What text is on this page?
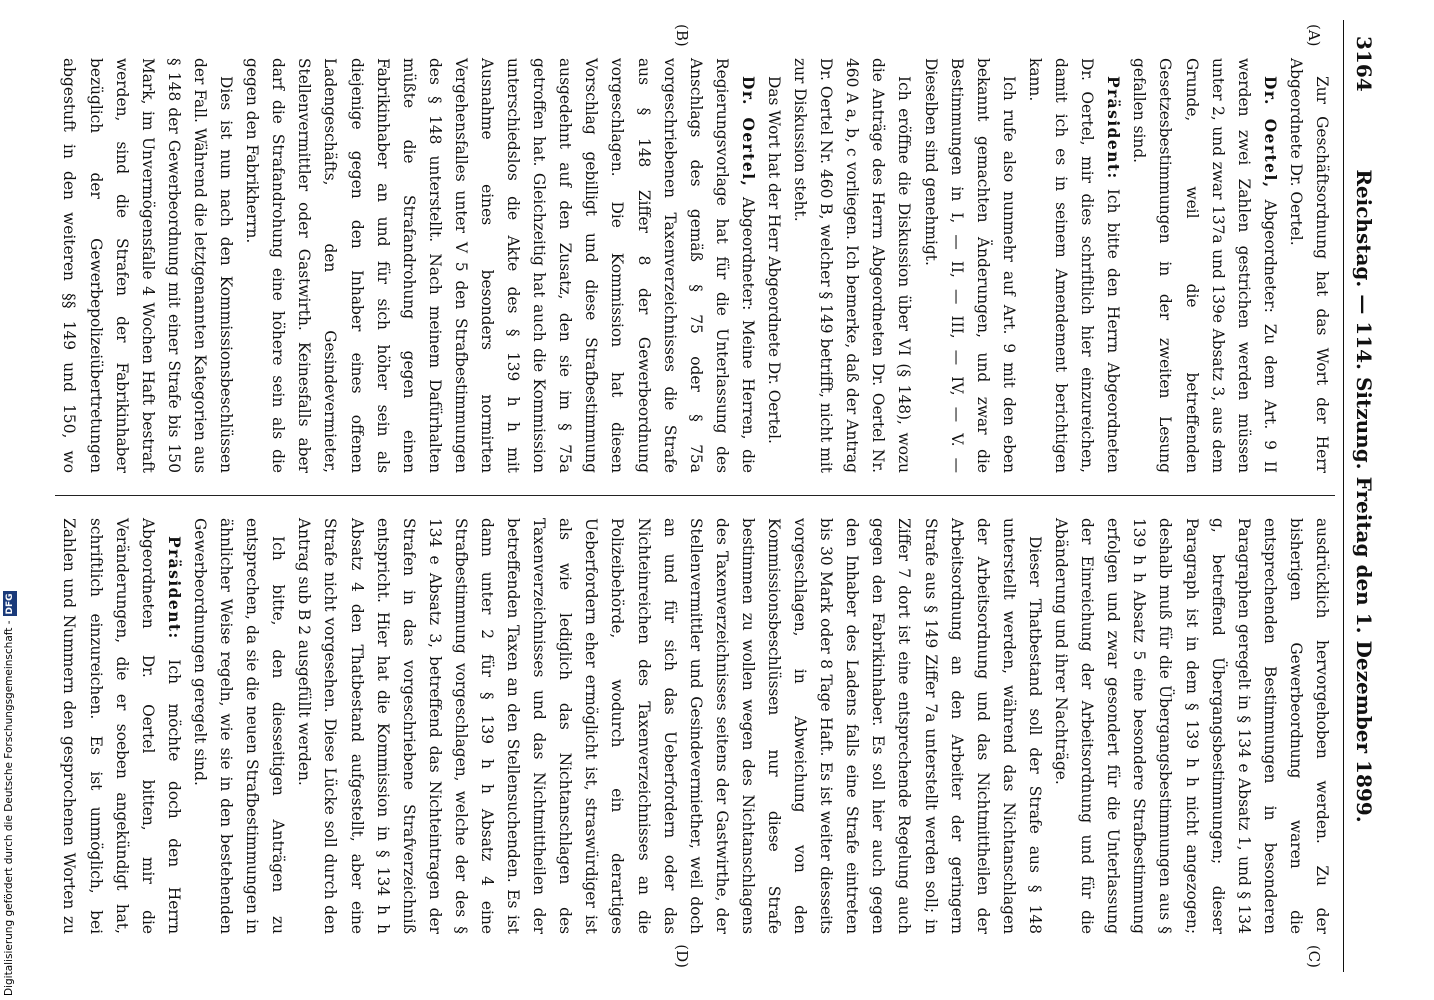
Digitalisierung gefördert durch die Deutsche Forschungsgemeinschaft -DFG
3164
Reichstag. — 114. Sitzung. Freitag den 1. Dezember 1899.
(A)
(B)

Zur Geschäftsordnung hat das Wort der Herr Abgeordnete Dr. Oertel.

Dr. Oertel, Abgeordneter: Zu dem Art. 9 II werden zwei Zahlen gestrichen werden müssen unter 2, und zwar 137a und 139e Absatz 3, aus dem Grunde, weil die betreffenden Gesetzesbestimmungen in der zweiten Lesung gefallen sind.

Präsident: Ich bitte den Herrn Abgeordneten Dr. Oertel, mir dies schriftlich hier einzureichen, damit ich es in seinem Amendement berichtigen kann.

Ich rufe also nunmehr auf Art. 9 mit den eben bekannt gemachten Änderungen, und zwar die Bestimmungen in I, — II, — III, — IV, — V. — Dieselben sind genehmigt.

Ich eröffne die Diskussion über VI (§ 148), wozu die Anträge des Herrn Abgeordneten Dr. Oertel Nr. 460 A a, b, c vorliegen. Ich bemerke, daß der Antrag Dr. Oertel Nr. 460 B, welcher § 149 betrifft, nicht mit zur Diskussion steht.

Das Wort hat der Herr Abgeordnete Dr. Oertel.

Dr. Oertel, Abgeordneter: Meine Herren, die Regierungsvorlage hat für die Unterlassung des Anschlags des gemäß § 75 oder § 75a vorgeschriebenen Taxenverzeichnisses die Strafe aus § 148 Ziffer 8 der Gewerbeordnung vorgeschlagen. Die Kommission hat diesen Vorschlag gebilligt und diese Strafbestimmung ausgedehnt auf den Zusatz, den sie im § 75a getroffen hat. Gleichzeitig hat auch die Kommission unterschiedslos die Akte des § 139 h h mit Ausnahme eines besonders normirten Vergehensfalles unter V 5 den Strafbestimmungen des § 148 unterstellt. Nach meinem Dafürhalten müßte die Strafandrohung gegen einen Fabrikinhaber an und für sich höher sein als diejenige gegen den Inhaber eines offenen Ladengeschäfts, den Gesindevermieter, Stellenvermittler oder Gastwirth. Keinesfalls aber darf die Strafandrohung eine höhere sein als die gegen den Fabrikherrn.

Dies ist nun nach den Kommissionsbeschlüssen der Fall. Während die letztgenannten Kategorien aus § 148 der Gewerbeordnung mit einer Strafe bis 150 Mark, im Unvermögensfalle 4 Wochen Haft bestraft werden, sind die Strafen der Fabrikinhaber bezüglich der Gewerbepolizeiübertretungen abgestuft in den weiteren §§ 149 und 150, wo

(C)
(D)

ausdrücklich hervorgehoben werden. Zu der bisherigen Gewerbeordnung waren die entsprechenden Bestimmungen in besonderen Paragraphen geregelt in § 134 e Absatz 1, und § 134 g, betreffend Übergangsbestimmungen; dieser Paragraph ist in dem § 139 h h nicht angezogen; deshalb muß für die Übergangsbestimmungen aus § 139 h h Absatz 5 eine besondere Strafbestimmung erfolgen und zwar gesondert für die Unterlassung der Einreichung der Arbeitsordnung und für die Abänderung und ihrer Nachträge.

Dieser Thatbestand soll der Strafe aus § 148 unterstellt werden, während das Nichtanschlagen der Arbeitsordnung und das Nichtmittheilen der Arbeitsordnung an den Arbeiter der geringern Strafe aus § 149 Ziffer 7a unterstellt werden soll; in Ziffer 7 dort ist eine entsprechende Regelung auch gegen den Fabrikinhaber. Es soll hier auch gegen den Inhaber des Ladens falls eine Strafe eintreten bis 30 Mark oder 8 Tage Haft. Es ist weiter diesseits vorgeschlagen, in Abweichung von den Kommissionsbeschlüssen nur diese Strafe bestimmen zu wollen wegen des Nichtanschlagens des Taxenverzeichnisses seitens der Gastwirthe, der Stellenvermittler und Gesindevermiether, weil doch an und für sich das Ueberfordern oder das Nichteinreichen des Taxenverzeichnisses an die Polizeibehörde, wodurch ein derartiges Ueberfordern eher ermöglicht ist, straswürdiger ist als wie lediglich das Nichtanschlagen des Taxenverzeichnisses und das Nichtmittheilen der betreffenden Taxen an den Stellensuchenden. Es ist dann unter 2 für § 139 h h Absatz 4 eine Strafbestimmung vorgeschlagen, welche der des § 134 e Absatz 3, betreffend das Nichteintragen der Strafen in das vorgeschriebene Strafverzeichniß entspricht. Hier hat die Kommission in § 134 h h Absatz 4 den Thatbestand aufgestellt, aber eine Strafe nicht vorgesehen. Diese Lücke soll durch den Antrag sub B 2 ausgefüllt werden.

Ich bitte, den diesseitigen Anträgen zu entsprechen, da sie die neuen Strafbestimmungen in ähnlicher Weise regeln, wie sie in den bestehenden Gewerbeordnungen geregelt sind.

Präsident: Ich möchte doch den Herrn Abgeordneten Dr. Oertel bitten, mir die Veränderungen, die er soeben angekündigt hat, schriftlich einzureichen. Es ist unmöglich, bei Zahlen und Nummern den gesprochenen Worten zu
